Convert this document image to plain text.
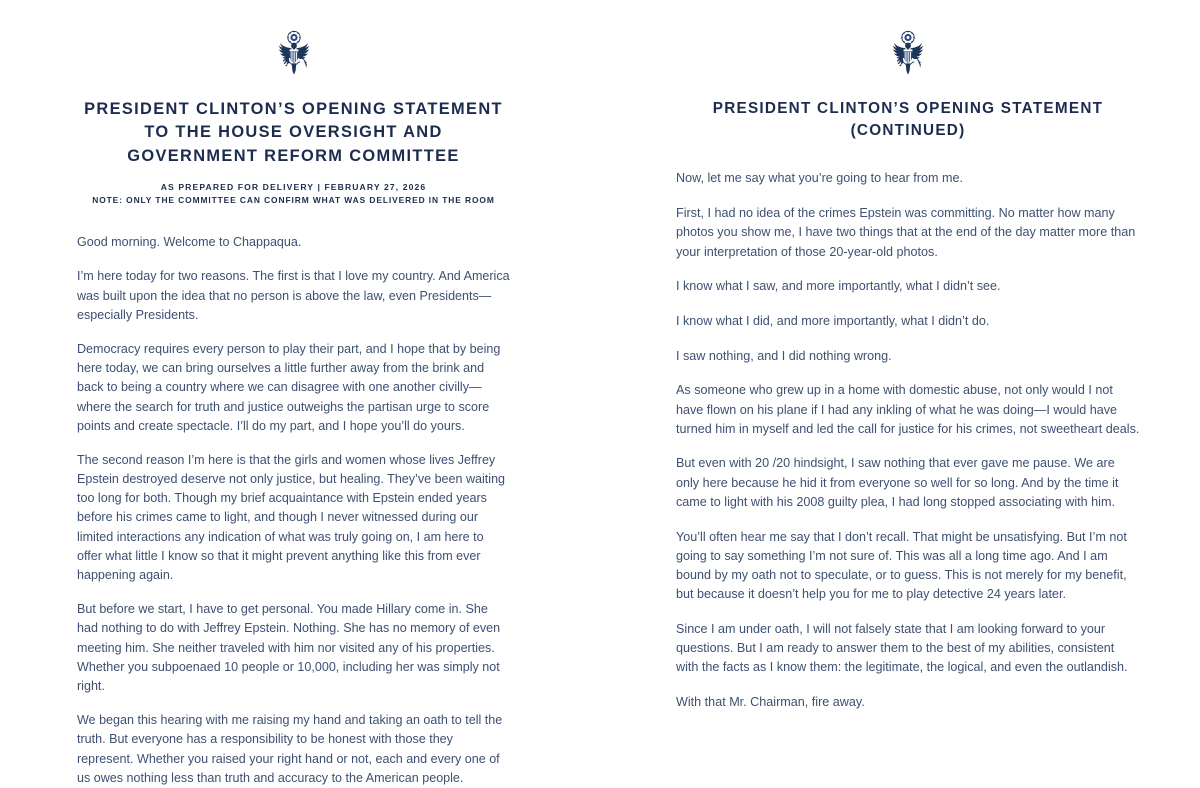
PRESIDENT CLINTON’S OPENING STATEMENT TO THE HOUSE OVERSIGHT AND GOVERNMENT REFORM COMMITTEE
AS PREPARED FOR DELIVERY | FEBRUARY 27, 2026
NOTE: ONLY THE COMMITTEE CAN CONFIRM WHAT WAS DELIVERED IN THE ROOM

Good morning. Welcome to Chappaqua.

I’m here today for two reasons. The first is that I love my country. And America was built upon the idea that no person is above the law, even Presidents—especially Presidents.

Democracy requires every person to play their part, and I hope that by being here today, we can bring ourselves a little further away from the brink and back to being a country where we can disagree with one another civilly—where the search for truth and justice outweighs the partisan urge to score points and create spectacle. I’ll do my part, and I hope you’ll do yours.

The second reason I’m here is that the girls and women whose lives Jeffrey Epstein destroyed deserve not only justice, but healing. They’ve been waiting too long for both. Though my brief acquaintance with Epstein ended years before his crimes came to light, and though I never witnessed during our limited interactions any indication of what was truly going on, I am here to offer what little I know so that it might prevent anything like this from ever happening again.

But before we start, I have to get personal. You made Hillary come in. She had nothing to do with Jeffrey Epstein. Nothing. She has no memory of even meeting him. She neither traveled with him nor visited any of his properties. Whether you subpoenaed 10 people or 10,000, including her was simply not right.

We began this hearing with me raising my hand and taking an oath to tell the truth. But everyone has a responsibility to be honest with those they represent. Whether you raised your right hand or not, each and every one of us owes nothing less than truth and accuracy to the American people.

PRESIDENT CLINTON’S OPENING STATEMENT (CONTINUED)

Now, let me say what you’re going to hear from me.

First, I had no idea of the crimes Epstein was committing. No matter how many photos you show me, I have two things that at the end of the day matter more than your interpretation of those 20-year-old photos.

I know what I saw, and more importantly, what I didn’t see.

I know what I did, and more importantly, what I didn’t do.

I saw nothing, and I did nothing wrong.

As someone who grew up in a home with domestic abuse, not only would I not have flown on his plane if I had any inkling of what he was doing—I would have turned him in myself and led the call for justice for his crimes, not sweetheart deals.

But even with 20 /20 hindsight, I saw nothing that ever gave me pause. We are only here because he hid it from everyone so well for so long. And by the time it came to light with his 2008 guilty plea, I had long stopped associating with him.

You’ll often hear me say that I don’t recall. That might be unsatisfying. But I’m not going to say something I’m not sure of. This was all a long time ago. And I am bound by my oath not to speculate, or to guess. This is not merely for my benefit, but because it doesn’t help you for me to play detective 24 years later.

Since I am under oath, I will not falsely state that I am looking forward to your questions. But I am ready to answer them to the best of my abilities, consistent with the facts as I know them: the legitimate, the logical, and even the outlandish.

With that Mr. Chairman, fire away.
